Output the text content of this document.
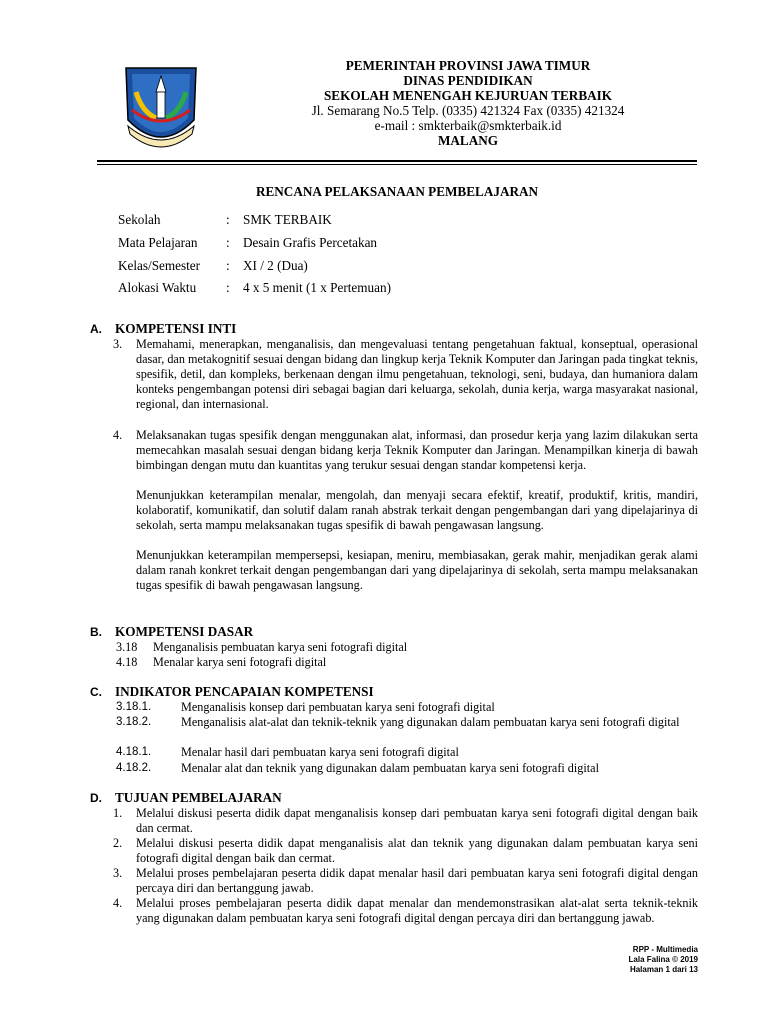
PEMERINTAH PROVINSI JAWA TIMUR
DINAS PENDIDIKAN
SEKOLAH MENENGAH KEJURUAN TERBAIK
Jl. Semarang No.5 Telp. (0335) 421324 Fax (0335) 421324
e-mail : smkterbaik@smkterbaik.id
MALANG
RENCANA PELAKSANAAN PEMBELAJARAN
Sekolah	: SMK TERBAIK
Mata Pelajaran	: Desain Grafis Percetakan
Kelas/Semester	: XI / 2 (Dua)
Alokasi Waktu	: 4 x 5 menit (1 x Pertemuan)
A. KOMPETENSI INTI
3. Memahami, menerapkan, menganalisis, dan mengevaluasi tentang pengetahuan faktual, konseptual, operasional dasar, dan metakognitif sesuai dengan bidang dan lingkup kerja Teknik Komputer dan Jaringan pada tingkat teknis, spesifik, detil, dan kompleks, berkenaan dengan ilmu pengetahuan, teknologi, seni, budaya, dan humaniora dalam konteks pengembangan potensi diri sebagai bagian dari keluarga, sekolah, dunia kerja, warga masyarakat nasional, regional, dan internasional.
4. Melaksanakan tugas spesifik dengan menggunakan alat, informasi, dan prosedur kerja yang lazim dilakukan serta memecahkan masalah sesuai dengan bidang kerja Teknik Komputer dan Jaringan. Menampilkan kinerja di bawah bimbingan dengan mutu dan kuantitas yang terukur sesuai dengan standar kompetensi kerja.
Menunjukkan keterampilan menalar, mengolah, dan menyaji secara efektif, kreatif, produktif, kritis, mandiri, kolaboratif, komunikatif, dan solutif dalam ranah abstrak terkait dengan pengembangan dari yang dipelajarinya di sekolah, serta mampu melaksanakan tugas spesifik di bawah pengawasan langsung.
Menunjukkan keterampilan mempersepsi, kesiapan, meniru, membiasakan, gerak mahir, menjadikan gerak alami dalam ranah konkret terkait dengan pengembangan dari yang dipelajarinya di sekolah, serta mampu melaksanakan tugas spesifik di bawah pengawasan langsung.
B. KOMPETENSI DASAR
3.18 Menganalisis pembuatan karya seni fotografi digital
4.18 Menalar karya seni fotografi digital
C. INDIKATOR PENCAPAIAN KOMPETENSI
3.18.1. Menganalisis konsep dari pembuatan karya seni fotografi digital
3.18.2. Menganalisis alat-alat dan teknik-teknik yang digunakan dalam pembuatan karya seni fotografi digital
4.18.1. Menalar hasil dari pembuatan karya seni fotografi digital
4.18.2. Menalar alat dan teknik yang digunakan dalam pembuatan karya seni fotografi digital
D. TUJUAN PEMBELAJARAN
1. Melalui diskusi peserta didik dapat menganalisis konsep dari pembuatan karya seni fotografi digital dengan baik dan cermat.
2. Melalui diskusi peserta didik dapat menganalisis alat dan teknik yang digunakan dalam pembuatan karya seni fotografi digital dengan baik dan cermat.
3. Melalui proses pembelajaran peserta didik dapat menalar hasil dari pembuatan karya seni fotografi digital dengan percaya diri dan bertanggung jawab.
4. Melalui proses pembelajaran peserta didik dapat menalar dan mendemonstrasikan alat-alat serta teknik-teknik yang digunakan dalam pembuatan karya seni fotografi digital dengan percaya diri dan bertanggung jawab.
RPP - Multimedia
Lala Falina © 2019
Halaman 1 dari 13
